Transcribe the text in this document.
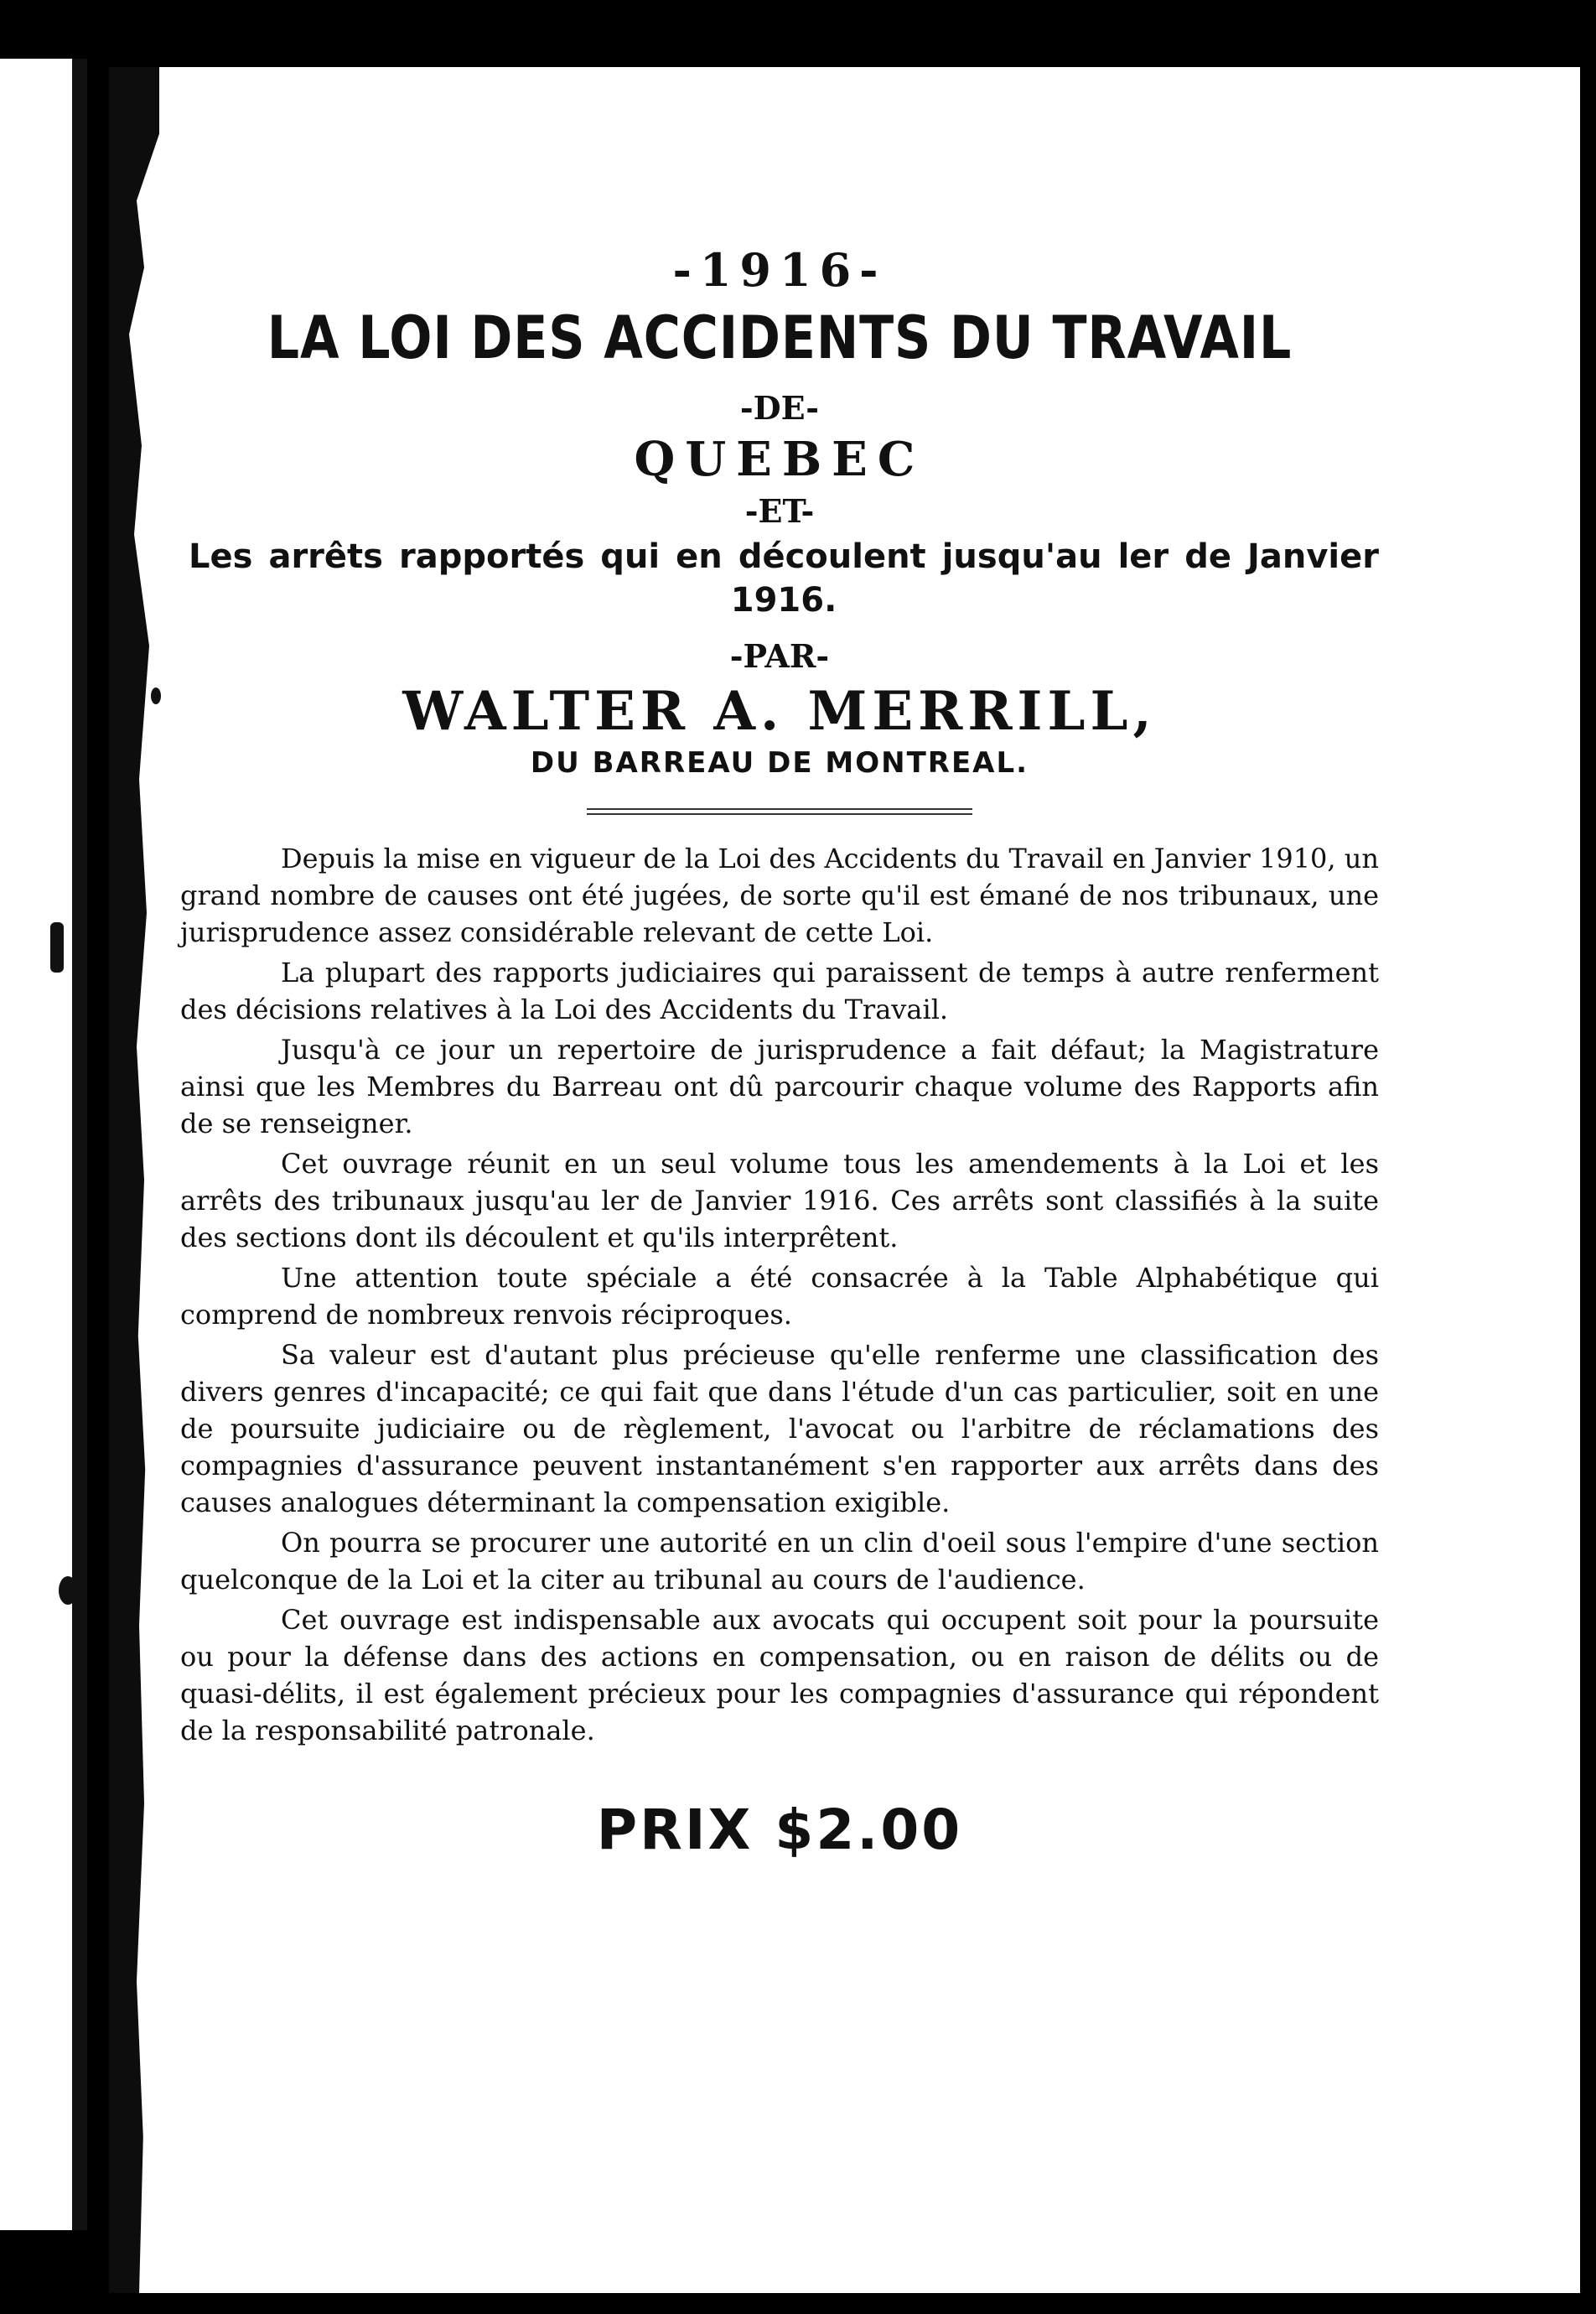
-1916-
LA LOI DES ACCIDENTS DU TRAVAIL
-DE-
QUEBEC
-ET-
Les arrêts rapportés qui en découlent jusqu'au ler de Janvier 1916.
-PAR-
WALTER A. MERRILL,
DU BARREAU DE MONTREAL.

Depuis la mise en vigueur de la Loi des Accidents du Travail en Janvier 1910, un grand nombre de causes ont été jugées, de sorte qu'il est émané de nos tribunaux, une jurisprudence assez considérable relevant de cette Loi.

La plupart des rapports judiciaires qui paraissent de temps à autre renferment des décisions relatives à la Loi des Accidents du Travail.

Jusqu'à ce jour un repertoire de jurisprudence a fait défaut; la Magistrature ainsi que les Membres du Barreau ont dû parcourir chaque volume des Rapports afin de se renseigner.

Cet ouvrage réunit en un seul volume tous les amendements à la Loi et les arrêts des tribunaux jusqu'au ler de Janvier 1916. Ces arrêts sont classifiés à la suite des sections dont ils découlent et qu'ils interprêtent.

Une attention toute spéciale a été consacrée à la Table Alphabétique qui comprend de nombreux renvois réciproques.

Sa valeur est d'autant plus précieuse qu'elle renferme une classification des divers genres d'incapacité; ce qui fait que dans l'étude d'un cas particulier, soit en une de poursuite judiciaire ou de règlement, l'avocat ou l'arbitre de réclamations des compagnies d'assurance peuvent instantanément s'en rapporter aux arrêts dans des causes analogues déterminant la compensation exigible.

On pourra se procurer une autorité en un clin d'oeil sous l'empire d'une section quelconque de la Loi et la citer au tribunal au cours de l'audience.

Cet ouvrage est indispensable aux avocats qui occupent soit pour la poursuite ou pour la défense dans des actions en compensation, ou en raison de délits ou de quasi-délits, il est également précieux pour les compagnies d'assurance qui répondent de la responsabilité patronale.

PRIX $2.00
